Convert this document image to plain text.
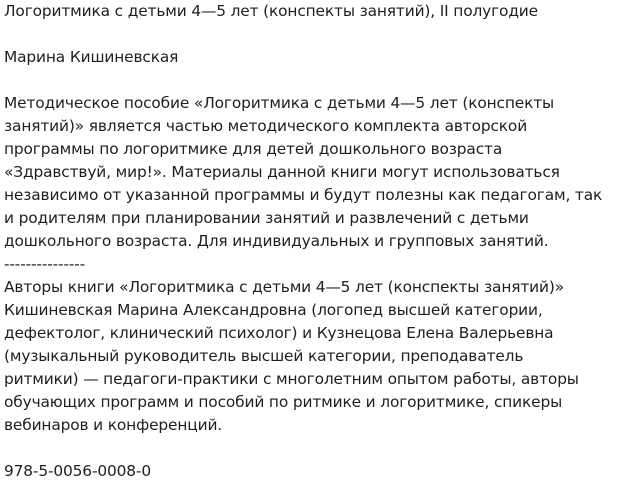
Логоритмика с детьми 4—5 лет (конспекты занятий), II полугодие
Марина Кишиневская
Методическое пособие «Логоритмика с детьми 4—5 лет (конспекты
занятий)» является частью методического комплекта авторской
программы по логоритмике для детей дошкольного возраста
«Здравствуй, мир!». Материалы данной книги могут использоваться
независимо от указанной программы и будут полезны как педагогам, так
и родителям при планировании занятий и развлечений с детьми
дошкольного возраста. Для индивидуальных и групповых занятий.
---------------
Авторы книги «Логоритмика с детьми 4—5 лет (конспекты занятий)»
Кишиневская Марина Александровна (логопед высшей категории,
дефектолог, клинический психолог) и Кузнецова Елена Валерьевна
(музыкальный руководитель высшей категории, преподаватель
ритмики) — педагоги-практики с многолетним опытом работы, авторы
обучающих программ и пособий по ритмике и логоритмике, спикеры
вебинаров и конференций.
978-5-0056-0008-0
